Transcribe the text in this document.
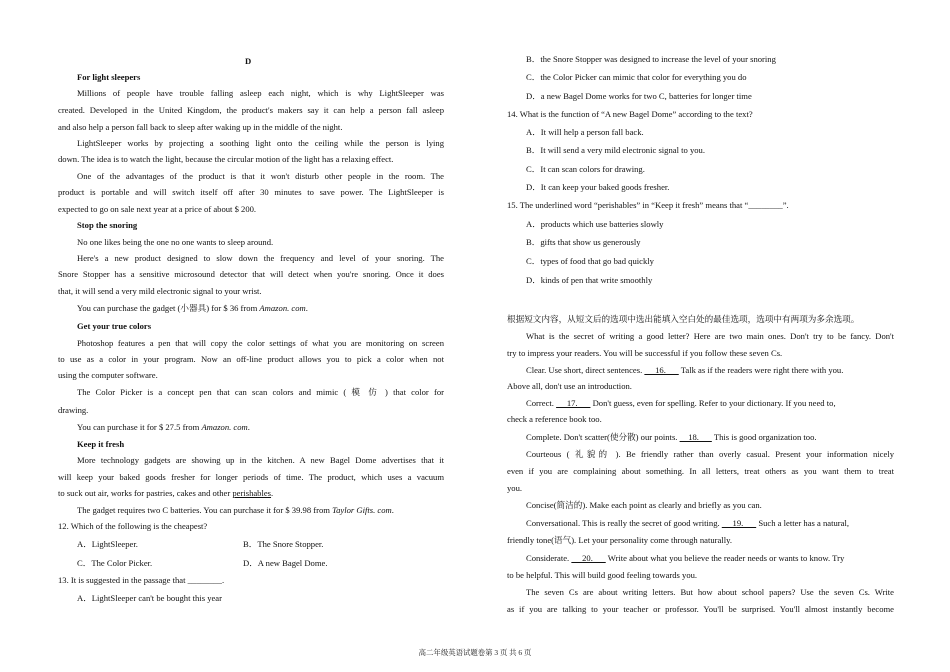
D
For light sleepers
Millions of people have trouble falling asleep each night, which is why LightSleeper was
created. Developed in the United Kingdom, the product's makers say it can help a person fall asleep
and also help a person fall back to sleep after waking up in the middle of the night.
LightSleeper works by projecting a soothing light onto the ceiling while the person is lying
down. The idea is to watch the light, because the circular motion of the light has a relaxing effect.
One of the advantages of the product is that it won't disturb other people in the room. The
product is portable and will switch itself off after 30 minutes to save power. The LightSleeper is
expected to go on sale next year at a price of about $ 200.
Stop the snoring
No one likes being the one no one wants to sleep around.
Here's a new product designed to slow down the frequency and level of your snoring. The
Snore Stopper has a sensitive microsound detector that will detect when you're snoring. Once it does
that, it will send a very mild electronic signal to your wrist.
You can purchase the gadget (小器具) for $ 36 from Amazon. com.
Get your true colors
Photoshop features a pen that will copy the color settings of what you are monitoring on screen
to use as a color in your program. Now an off-line product allows you to pick a color when not
using the computer software.
The Color Picker is a concept pen that can scan colors and mimic ( 模 仿 ) that color for
drawing.
You can purchase it for $ 27.5 from Amazon. com.
Keep it fresh
More technology gadgets are showing up in the kitchen. A new Bagel Dome advertises that it
will keep your baked goods fresher for longer periods of time. The product, which uses a vacuum
to suck out air, works for pastries, cakes and other perishables.
The gadget requires two C batteries. You can purchase it for $ 39.98 from Taylor Gifts. com.
12. Which of the following is the cheapest?
A．LightSleeper.	B．The Snore Stopper.
C．The Color Picker.	D．A new Bagel Dome.
13. It is suggested in the passage that ________.
A．LightSleeper can't be bought this year
B．the Snore Stopper was designed to increase the level of your snoring
C．the Color Picker can mimic that color for everything you do
D．a new Bagel Dome works for two C, batteries for longer time
14. What is the function of “A new Bagel Dome” according to the text?
A．It will help a person fall back.
B．It will send a very mild electronic signal to you.
C．It can scan colors for drawing.
D．It can keep your baked goods fresher.
15. The underlined word “perishables” in “Keep it fresh” means that “________”.
A．products which use batteries slowly
B．gifts that show us generously
C．types of food that go bad quickly
D．kinds of pen that write smoothly
根据短文内容，从短文后的选项中选出能填入空白处的最佳选项，选项中有两项为多余选项。
What is the secret of writing a good letter? Here are two main ones. Don't try to be fancy. Don't
try to impress your readers. You will be successful if you follow these seven Cs.
Clear. Use short, direct sentences.      16.       Talk as if the readers were right there with you.
Above all, don't use an introduction.
Correct.      17.       Don't guess, even for spelling. Refer to your dictionary. If you need to,
check a reference book too.
Complete. Don't scatter(使分散) our points.     18.       This is good organization too.
Courteous ( 礼貌的 ). Be friendly rather than overly casual. Present your information nicely
even if you are complaining about something. In all letters, treat others as you want them to treat
you.
Concise(简洁的). Make each point as clearly and briefly as you can.
Conversational. This is really the secret of good writing.      19.       Such a letter has a natural,
friendly tone(语气). Let your personality come through naturally.
Considerate.      20.       Write about what you believe the reader needs or wants to know. Try
to be helpful. This will build good feeling towards you.
The seven Cs are about writing letters. But how about school papers? Use the seven Cs. Write
as if you are talking to your teacher or professor. You'll be surprised. You'll almost instantly become
高二年级英语试题卷第 3 页 共 6 页
